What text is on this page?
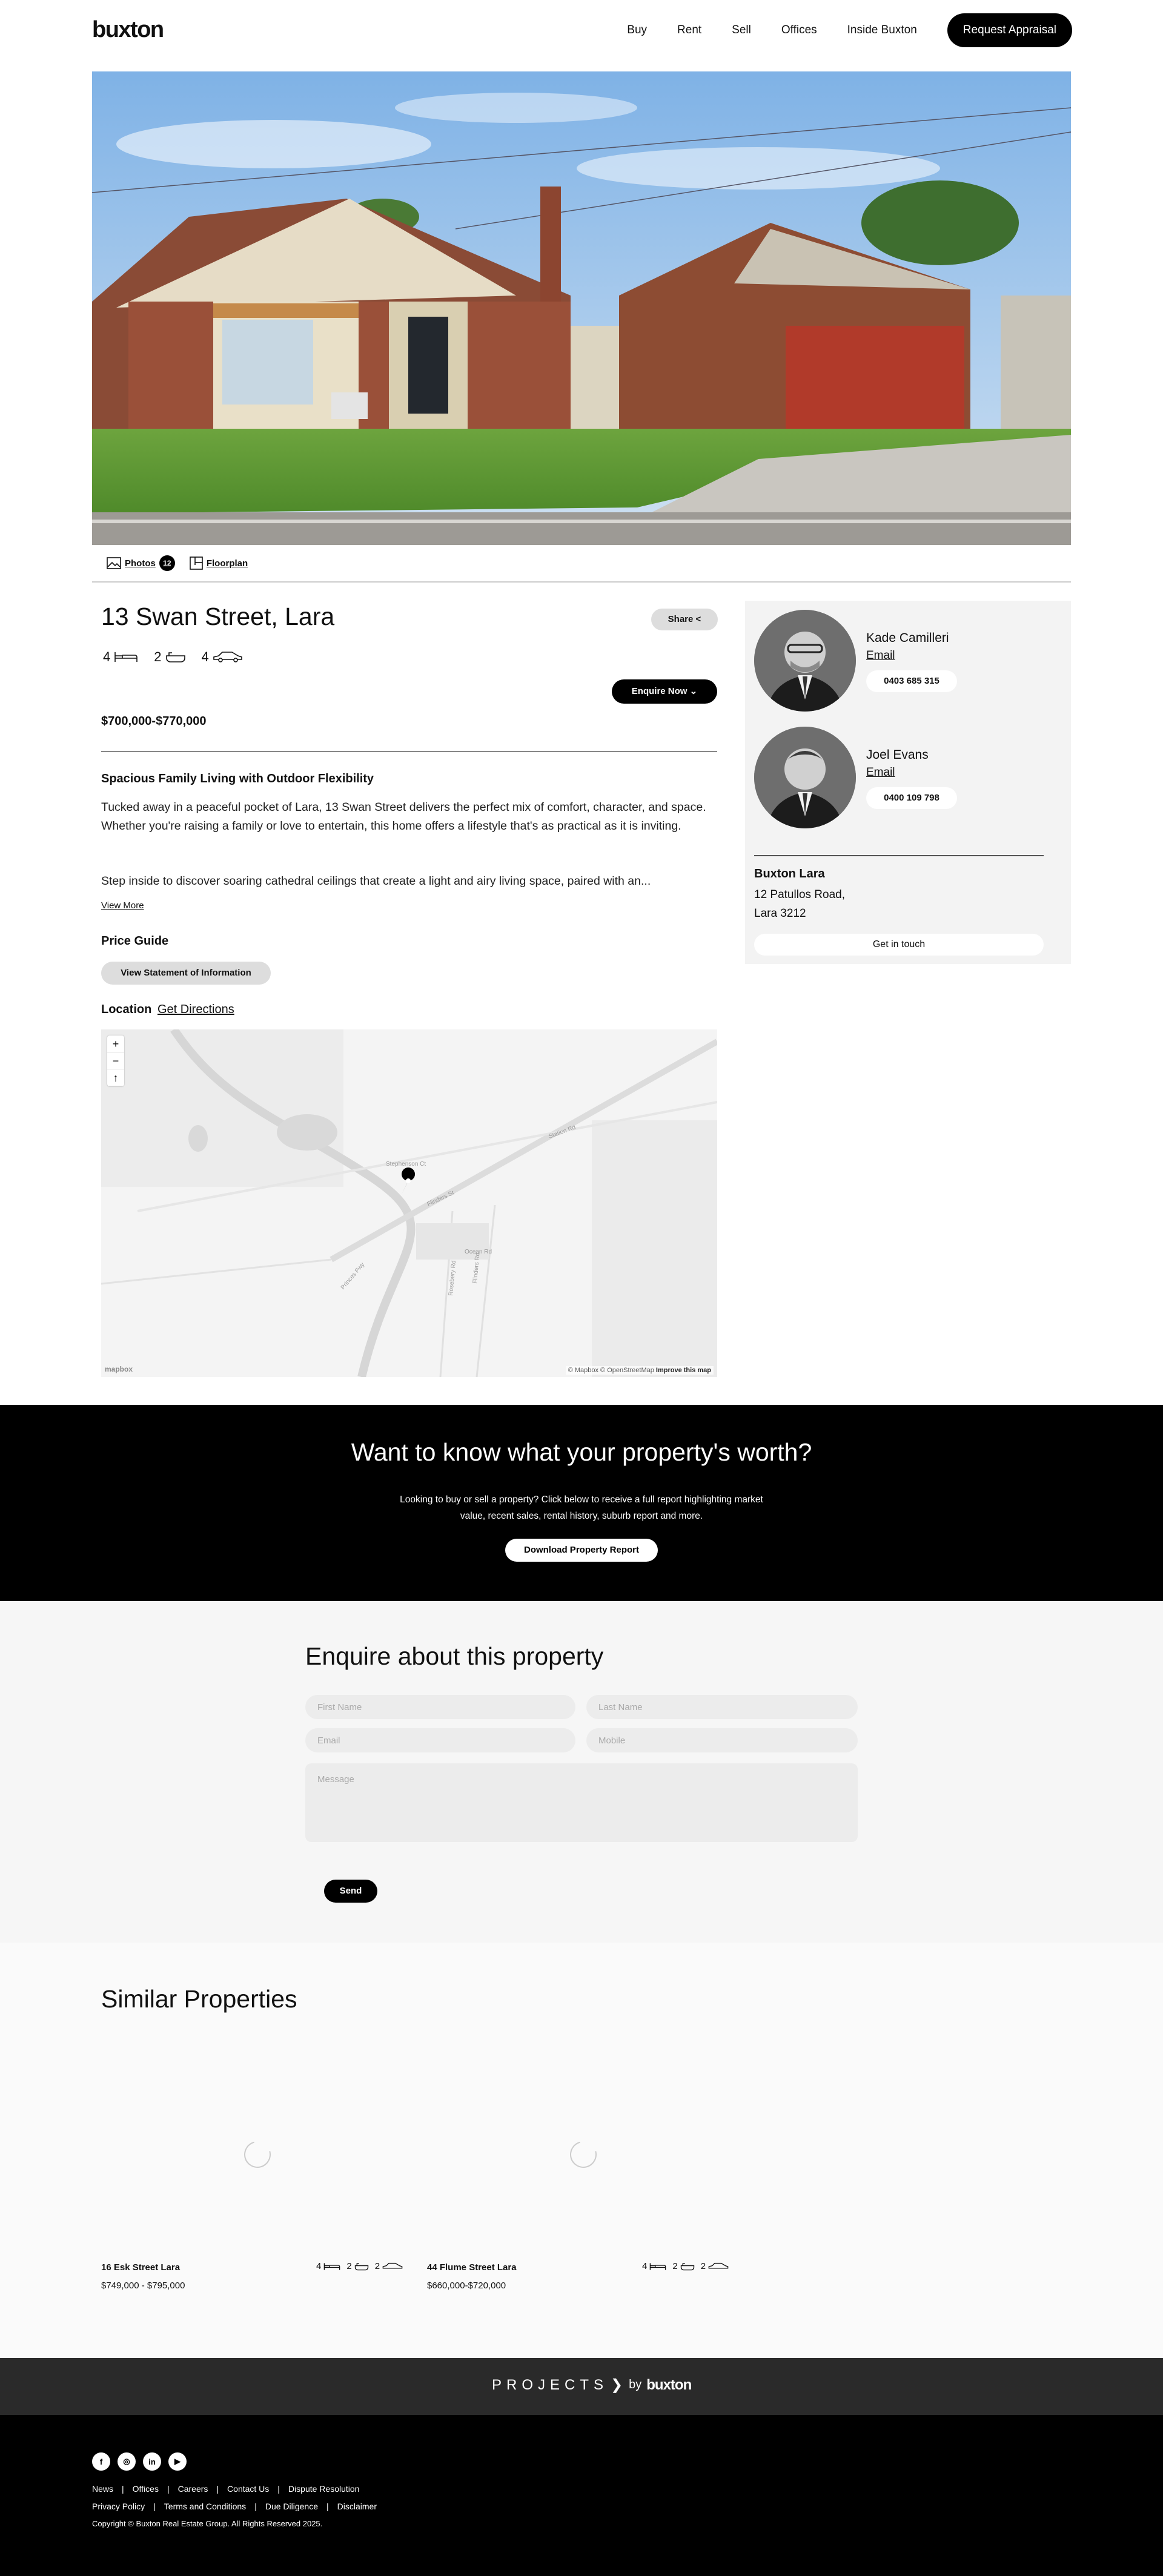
buxton	Buy	Rent	Sell	Offices	Inside Buxton	Request Appraisal
Photos	12	Floorplan
13 Swan Street, Lara	Share <
4	2	4
Enquire Now ⌄
$700,000-$770,000
Spacious Family Living with Outdoor Flexibility

Tucked away in a peaceful pocket of Lara, 13 Swan Street delivers the perfect mix of comfort, character, and space. Whether you're raising a family or love to entertain, this home offers a lifestyle that's as practical as it is inviting.

Step inside to discover soaring cathedral ceilings that create a light and airy living space, paired with an...

View More
Price Guide
View Statement of Information
Location Get Directions
Stephenson Ct
Flinders St
Princes Fwy	Rosebery Rd Flinders Rd
Ocean Rd
Station Rd
+
−
↑
mapbox	© Mapbox © OpenStreetMap Improve this map
Kade Camilleri
Email
0403 685 315
Joel Evans
Email
0400 109 798
Buxton Lara
12 Patullos Road,
Lara 3212
Get in touch
Want to know what your property's worth?

Looking to buy or sell a property? Click below to receive a full report highlighting market value, recent sales, rental history, suburb report and more.

Download Property Report
Enquire about this property
First Name
Last Name
Email
Mobile
Message
Send
Similar Properties
16 Esk Street Lara
$749,000 - $795,000
4	2	2	44 Flume Street Lara
$660,000-$720,000
4	2	2
PROJECTS ❯ by buxton
f	◎	in	▶
News | Offices | Careers | Contact Us | Dispute Resolution
Privacy Policy | Terms and Conditions | Due Diligence | Disclaimer
Copyright © Buxton Real Estate Group. All Rights Reserved 2025.
